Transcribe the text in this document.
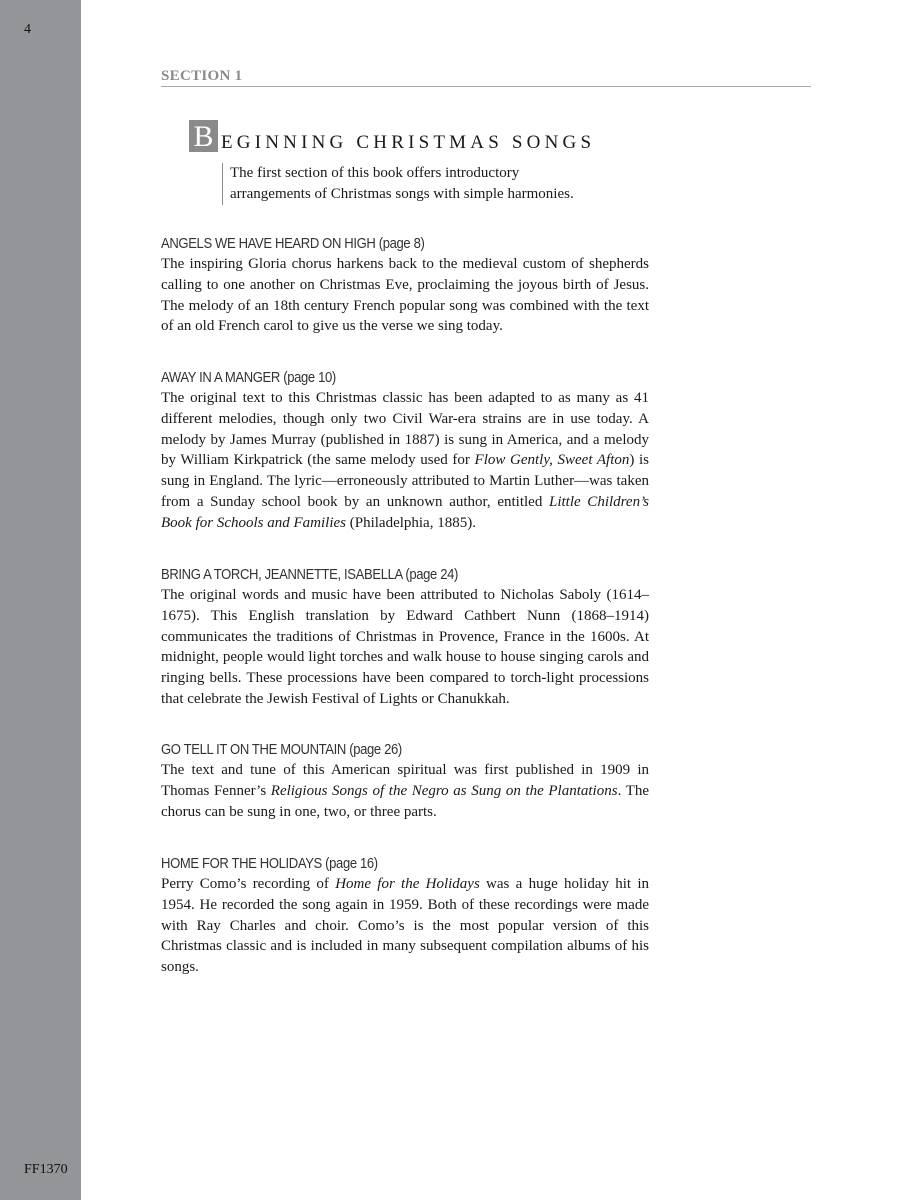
4
FF1370
SECTION 1
B EGINNING CHRISTMAS SONGS
The first section of this book offers introductory
arrangements of Christmas songs with simple harmonies.
ANGELS WE HAVE HEARD ON HIGH (page 8)

The inspiring Gloria chorus harkens back to the medieval custom of shepherds calling to one another on Christmas Eve, proclaiming the joyous birth of Jesus. The melody of an 18th century French popular song was combined with the text of an old French carol to give us the verse we sing today.

AWAY IN A MANGER (page 10)

The original text to this Christmas classic has been adapted to as many as 41 different melodies, though only two Civil War-era strains are in use today. A melody by James Murray (published in 1887) is sung in America, and a melody by William Kirkpatrick (the same melody used for Flow Gently, Sweet Afton) is sung in England. The lyric—erroneously attributed to Martin Luther—was taken from a Sunday school book by an unknown author, entitled Little Children’s Book for Schools and Families (Philadelphia, 1885).

BRING A TORCH, JEANNETTE, ISABELLA (page 24)

The original words and music have been attributed to Nicholas Saboly (1614–1675). This English translation by Edward Cathbert Nunn (1868–1914) communicates the traditions of Christmas in Provence, France in the 1600s. At midnight, people would light torches and walk house to house singing carols and ringing bells. These processions have been compared to torch-light processions that celebrate the Jewish Festival of Lights or Chanukkah.

GO TELL IT ON THE MOUNTAIN (page 26)

The text and tune of this American spiritual was first published in 1909 in Thomas Fenner’s Religious Songs of the Negro as Sung on the Plantations. The chorus can be sung in one, two, or three parts.

HOME FOR THE HOLIDAYS (page 16)

Perry Como’s recording of Home for the Holidays was a huge holiday hit in 1954. He recorded the song again in 1959. Both of these recordings were made with Ray Charles and choir. Como’s is the most popular version of this Christmas classic and is included in many subsequent compilation albums of his songs.
